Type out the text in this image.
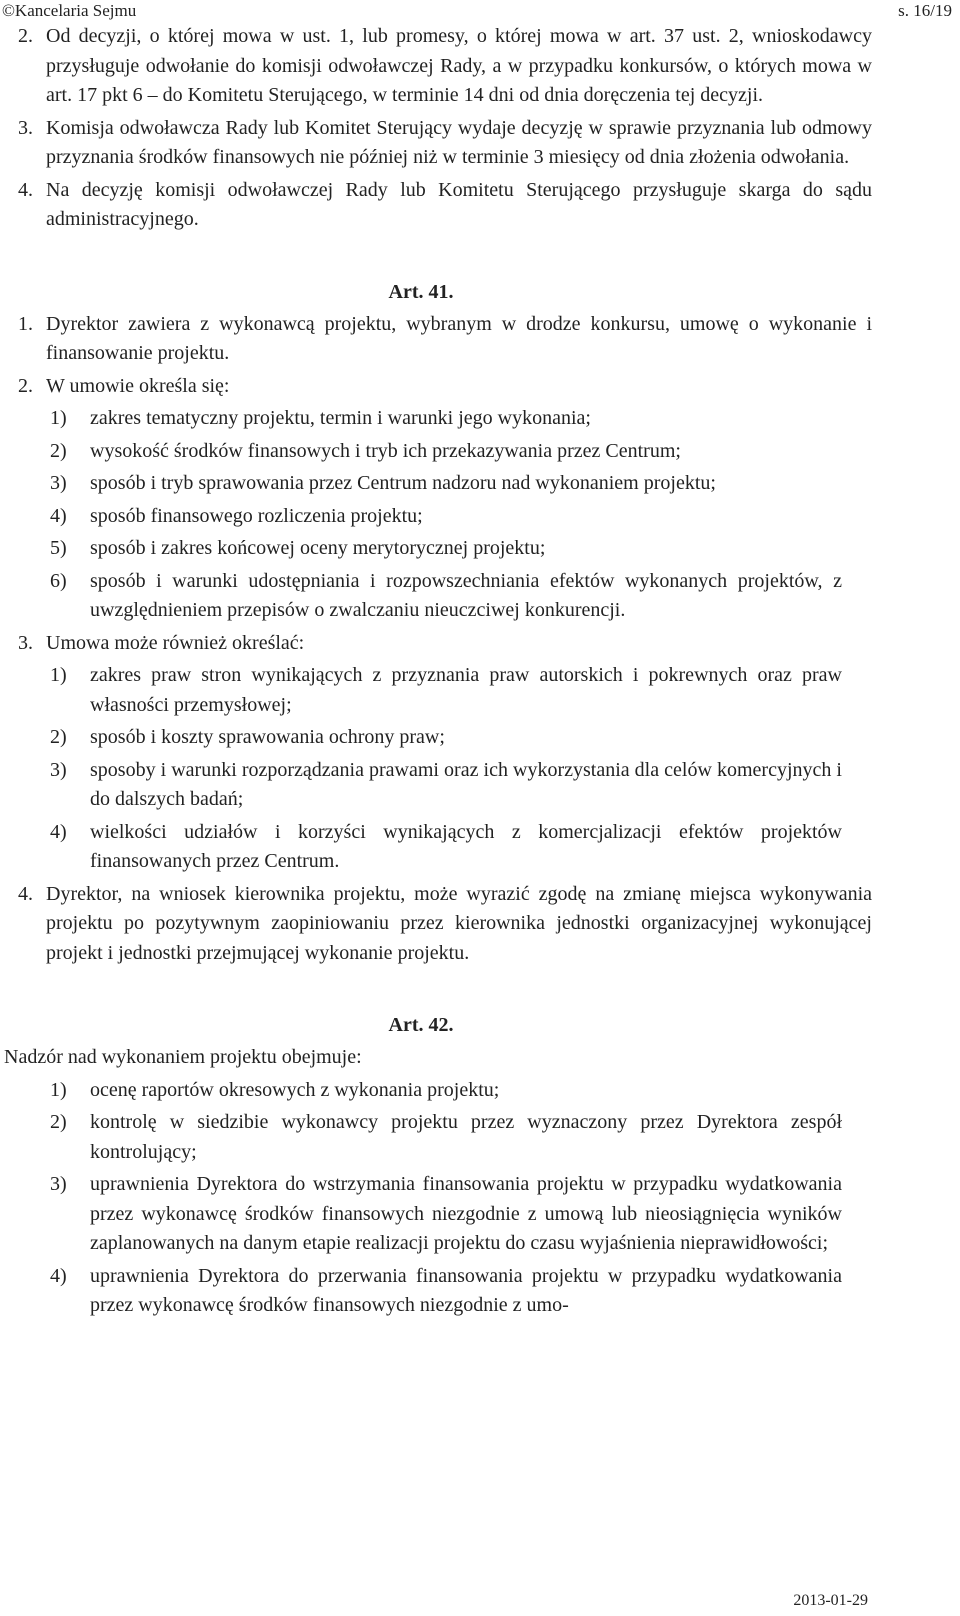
©Kancelaria Sejmu	s. 16/19
2. Od decyzji, o której mowa w ust. 1, lub promesy, o której mowa w art. 37 ust. 2, wnioskodawcy przysługuje odwołanie do komisji odwoławczej Rady, a w przypadku konkursów, o których mowa w art. 17 pkt 6 – do Komitetu Sterującego, w terminie 14 dni od dnia doręczenia tej decyzji.
3. Komisja odwoławcza Rady lub Komitet Sterujący wydaje decyzję w sprawie przyznania lub odmowy przyznania środków finansowych nie później niż w terminie 3 miesięcy od dnia złożenia odwołania.
4. Na decyzję komisji odwoławczej Rady lub Komitetu Sterującego przysługuje skarga do sądu administracyjnego.
Art. 41.
1. Dyrektor zawiera z wykonawcą projektu, wybranym w drodze konkursu, umowę o wykonanie i finansowanie projektu.
2. W umowie określa się:
1) zakres tematyczny projektu, termin i warunki jego wykonania;
2) wysokość środków finansowych i tryb ich przekazywania przez Centrum;
3) sposób i tryb sprawowania przez Centrum nadzoru nad wykonaniem projektu;
4) sposób finansowego rozliczenia projektu;
5) sposób i zakres końcowej oceny merytorycznej projektu;
6) sposób i warunki udostępniania i rozpowszechniania efektów wykonanych projektów, z uwzględnieniem przepisów o zwalczaniu nieuczciwej konkurencji.
3. Umowa może również określać:
1) zakres praw stron wynikających z przyznania praw autorskich i pokrewnych oraz praw własności przemysłowej;
2) sposób i koszty sprawowania ochrony praw;
3) sposoby i warunki rozporządzania prawami oraz ich wykorzystania dla celów komercyjnych i do dalszych badań;
4) wielkości udziałów i korzyści wynikających z komercjalizacji efektów projektów finansowanych przez Centrum.
4. Dyrektor, na wniosek kierownika projektu, może wyrazić zgodę na zmianę miejsca wykonywania projektu po pozytywnym zaopiniowaniu przez kierownika jednostki organizacyjnej wykonującej projekt i jednostki przejmującej wykonanie projektu.
Art. 42.
Nadzór nad wykonaniem projektu obejmuje:
1) ocenę raportów okresowych z wykonania projektu;
2) kontrolę w siedzibie wykonawcy projektu przez wyznaczony przez Dyrektora zespół kontrolujący;
3) uprawnienia Dyrektora do wstrzymania finansowania projektu w przypadku wydatkowania przez wykonawcę środków finansowych niezgodnie z umową lub nieosiągnięcia wyników zaplanowanych na danym etapie realizacji projektu do czasu wyjaśnienia nieprawidłowości;
4) uprawnienia Dyrektora do przerwania finansowania projektu w przypadku wydatkowania przez wykonawcę środków finansowych niezgodnie z umo-
2013-01-29
